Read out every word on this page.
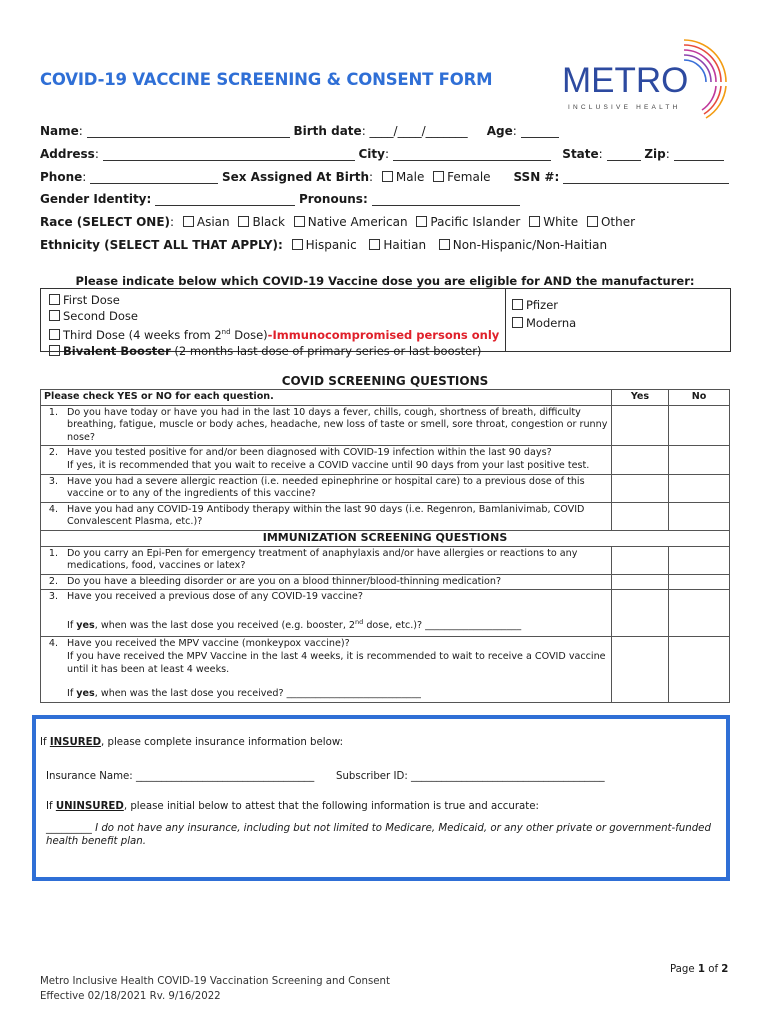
COVID-19 VACCINE SCREENING & CONSENT FORM METRO
INCLUSIVE HEALTH
Name:	Birth date: ____/____/_______ Age:
Address:	City:	State:	Zip:
Phone:	Sex Assigned At Birth: Male Female SSN #:
Gender Identity:	Pronouns:
Race (SELECT ONE): Asian Black Native American Pacific Islander White Other
Ethnicity (SELECT ALL THAT APPLY): Hispanic Haitian Non-Hispanic/Non-Haitian
Please indicate below which COVID-19 Vaccine dose you are eligible for AND the manufacturer:
First Dose
Second Dose
Third Dose (4 weeks from 2nd Dose)-Immunocompromised persons only
Bivalent Booster (2 months last dose of primary series or last booster)
Pfizer
Moderna
COVID SCREENING QUESTIONS
Please check YES or NO for each question.		Yes	No
1.	Do you have today or have you had in the last 10 days a fever, chills, cough, shortness of breath, difficulty breathing, fatigue, muscle or body aches, headache, new loss of taste or smell, sore throat, congestion or runny nose?		
2.	Have you tested positive for and/or been diagnosed with COVID-19 infection within the last 90 days?
If yes, it is recommended that you wait to receive a COVID vaccine until 90 days from your last positive test.		

3.	Have you had a severe allergic reaction (i.e. needed epinephrine or hospital care) to a previous dose of this vaccine or to any of the ingredients of this vaccine?		
4.	Have you had any COVID-19 Antibody therapy within the last 90 days (i.e. Regenron, Bamlanivimab, COVID Convalescent Plasma, etc.)?		
IMMUNIZATION SCREENING QUESTIONS			
1.	Do you carry an Epi-Pen for emergency treatment of anaphylaxis and/or have allergies or reactions to any medications, food, vaccines or latex?		
2.	Do you have a bleeding disorder or are you on a blood thinner/blood-thinning medication?		
3.	Have you received a previous dose of any COVID-19 vaccine?
If yes, when was the last dose you received (e.g. booster, 2nd dose, etc.)? ____________________		

4.	Have you received the MPV vaccine (monkeypox vaccine)?
If you have received the MPV Vaccine in the last 4 weeks, it is recommended to wait to receive a COVID vaccine until it has been at least 4 weeks.
If yes, when was the last dose you received? ____________________________		

If INSURED, please complete insurance information below:
Insurance Name: ___________________________________ Subscriber ID: ______________________________________
If UNINSURED, please initial below to attest that the following information is true and accurate:
_________ I do not have any insurance, including but not limited to Medicare, Medicaid, or any other private or government-funded health benefit plan.
Page 1 of 2
Metro Inclusive Health COVID-19 Vaccination Screening and Consent
Effective 02/18/2021 Rv. 9/16/2022
